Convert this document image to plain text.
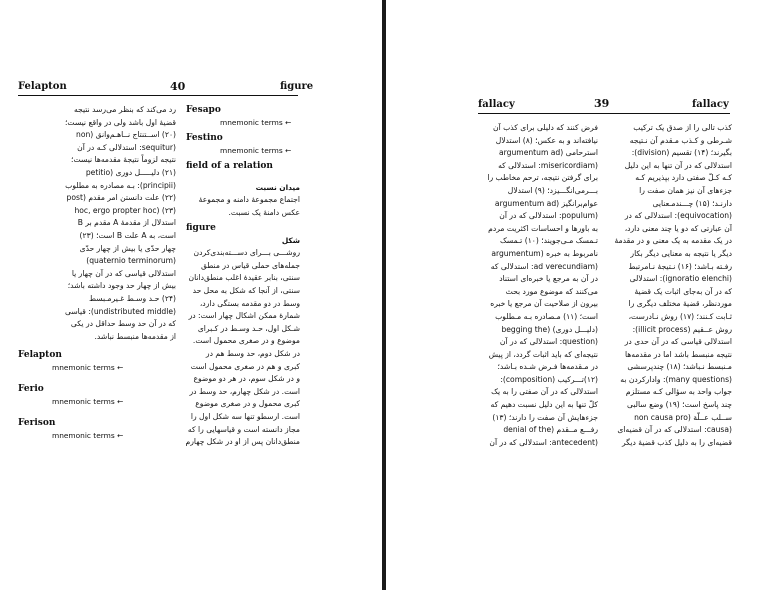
Felapton	40	figure
رد می‌کند که بنظر می‌رسد نتیجه
قضیهٔ اول باشد ولی در واقع نیست؛
(۲۰) اســتنتاج نــاهـم‌وانق (non
(sequitur: استدلالی کـه در آن
نتیجه لزوماً نتیجهٔ مقدمه‌ها نیست؛
(۲۱) دلیـــــل دوری (petitio
(principii): بـه مصادره به مطلوب
(۲۲) علت دانستن امر مقدم (post
hoc, ergo propter hoc) (۲۳)
استدلال از مقدمهٔ A مقدم بر B
است، به A علت B است؛ (۲۳)
چهار حدّی یا بیش از چهار حدّی
(quaternio terminorum)
استدلالی قیاسی که در آن چهار یا
بیش از چهار حد وجود داشته باشد؛
(۲۴) حـد وسـط غـیرمـبسط
(undistributed middle): قیاسی
که در آن حد وسط حداقل در یکی
از مقدمه‌ها منبسط نباشد.
Felapton
mnemonic terms ←
Ferio
mnemonic terms ←
Ferison
mnemonic terms ←
Fesapo
mnemonic terms ←
Festino
mnemonic terms ←
field of a relation
میدان نسبت
اجتماع مجموعهٔ دامنه و مجموعهٔ
عکس دامنهٔ یک نسبت.
figure
شکل
روشـــی بـــرای دســـته‌بندی‌کردن
جمله‌های حملی قیاس در منطق
سنتی، بنابر عقیدهٔ اغلب منطق‌دانان
سنتی، از آنجا که شکل به محل حد
وسط در دو مقدمه بستگی دارد،
شمارهٔ ممکن اشکال چهار است: در
شـکل اول، حـد وسـط در کـبرای
موضوع و در صغری محمول است.
در شکل دوم، حد وسط هم در
کبری و هم در صغری محمول است
و در شکل سوم، در هر دو موضوع
است. در شکل چهارم، حد وسط در
کبری محمول و در صغری موضوع
است. ارسطو تنها سه شکل اول را
مجاز دانسته است و قیاسهایی را که
منطق‌دانان پس از او در شکل چهارم
fallacy	39	fallacy
فرض کنند که دلیلی برای کذب آن
نیافته‌اند و به عکس؛ (۸) استدلال
استرحامی (argumentum ad
(misericordiam: استدلالی که
برای گرفتن نتیجه، ترحم مخاطب را
بـــرمی‌انگـــیزد؛ (۹) استدلال
عوام‌برانگیز (argumentum ad
(populum: استدلالی که در آن
به باورها و احساسات اکثریت مردم
تـمسک مـی‌جویند؛ (۱۰) تـمسک
نامربوط به خبره (argumentum
(ad verecundiam: استدلالی که
در آن به مرجع یا خبره‌ای استناد
می‌کنند که موضوع مورد بحث
بیرون از صلاحیت آن مرجع یا خبره
است؛ (۱۱) مـصادره بـه مـطلوب
(دلیـــل دوری) (begging the
(question: استدلالی که در آن
نتیجه‌ای که باید اثبات گردد، از پیش
در مـقدمه‌ها فـرض شـده بـاشد؛
(۱۲)تـــرکیب (composition):
استدلالی که در آن صفتی را به یک
کلّ تنها به این دلیل نسبت دهیم که
جزءهایش آن صفت را دارند؛ (۱۳)
رفـــع مــقدم (denial of the
(antecedent: استدلالی که در آن
کذب تالی را از صدق یک ترکیب
شـرطی و کـذب مـقدم آن نـتیجه
بگیرند؛ (۱۴) تقسیم (division):
استدلالی که در آن تنها به این دلیل
کـه کـلّ صفتی دارد بپذیریم کـه
جزءهای آن نیز همان صفت را
دارنـد؛ (۱۵) چـــندمـعنایی
(equivocation): استدلالی که در
آن عبارتی که دو یا چند معنی دارد،
در یک مقدمه به یک معنی و در مقدمهٔ
دیگر یا نتیجه به معنایی دیگر بکار
رفـته بـاشد؛ (۱۶) نـتیجهٔ نـامرتبط
(ignoratio elenchi): استدلالی
که در آن به‌جای اثبات یک قضیهٔ
موردنظر، قضیهٔ مختلف دیگری را
ثـابت کـنند؛ (۱۷) روش نـادرست،
روش عــقیم (illicit process):
استدلالی قیاسی که در آن حدی در
نتیجه منبسط باشد اما در مقدمه‌ها
مـنبسط نـباشد؛ (۱۸) چندپرسشی
(many questions): وادارکردن به
جواب واحد به سؤالی کـه مستلزم
چند پاسخ است؛ (۱۹) وضع سالبی
ســلب عــلّة (non causa pro
(causa: استدلالی که در آن قضیه‌ای
قضیه‌ای را به دلیل کذب قضیهٔ دیگر
